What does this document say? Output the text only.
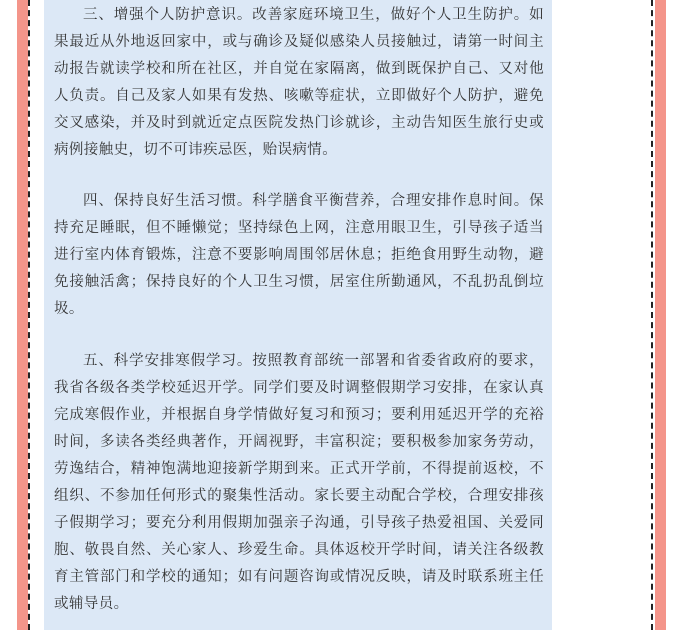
三、增强个人防护意识。改善家庭环境卫生，做好个人卫生防护。如果最近从外地返回家中，或与确诊及疑似感染人员接触过，请第一时间主动报告就读学校和所在社区，并自觉在家隔离，做到既保护自己、又对他人负责。自己及家人如果有发热、咳嗽等症状，立即做好个人防护，避免交叉感染，并及时到就近定点医院发热门诊就诊，主动告知医生旅行史或病例接触史，切不可讳疾忌医，贻误病情。

四、保持良好生活习惯。科学膳食平衡营养，合理安排作息时间。保持充足睡眠，但不睡懒觉；坚持绿色上网，注意用眼卫生，引导孩子适当进行室内体育锻炼，注意不要影响周围邻居休息；拒绝食用野生动物，避免接触活禽；保持良好的个人卫生习惯，居室住所勤通风，不乱扔乱倒垃圾。

五、科学安排寒假学习。按照教育部统一部署和省委省政府的要求，我省各级各类学校延迟开学。同学们要及时调整假期学习安排，在家认真完成寒假作业，并根据自身学情做好复习和预习；要利用延迟开学的充裕时间，多读各类经典著作，开阔视野，丰富积淀；要积极参加家务劳动，劳逸结合，精神饱满地迎接新学期到来。正式开学前，不得提前返校，不组织、不参加任何形式的聚集性活动。家长要主动配合学校，合理安排孩子假期学习；要充分利用假期加强亲子沟通，引导孩子热爱祖国、关爱同胞、敬畏自然、关心家人、珍爱生命。具体返校开学时间，请关注各级教育主管部门和学校的通知；如有问题咨询或情况反映，请及时联系班主任或辅导员。
